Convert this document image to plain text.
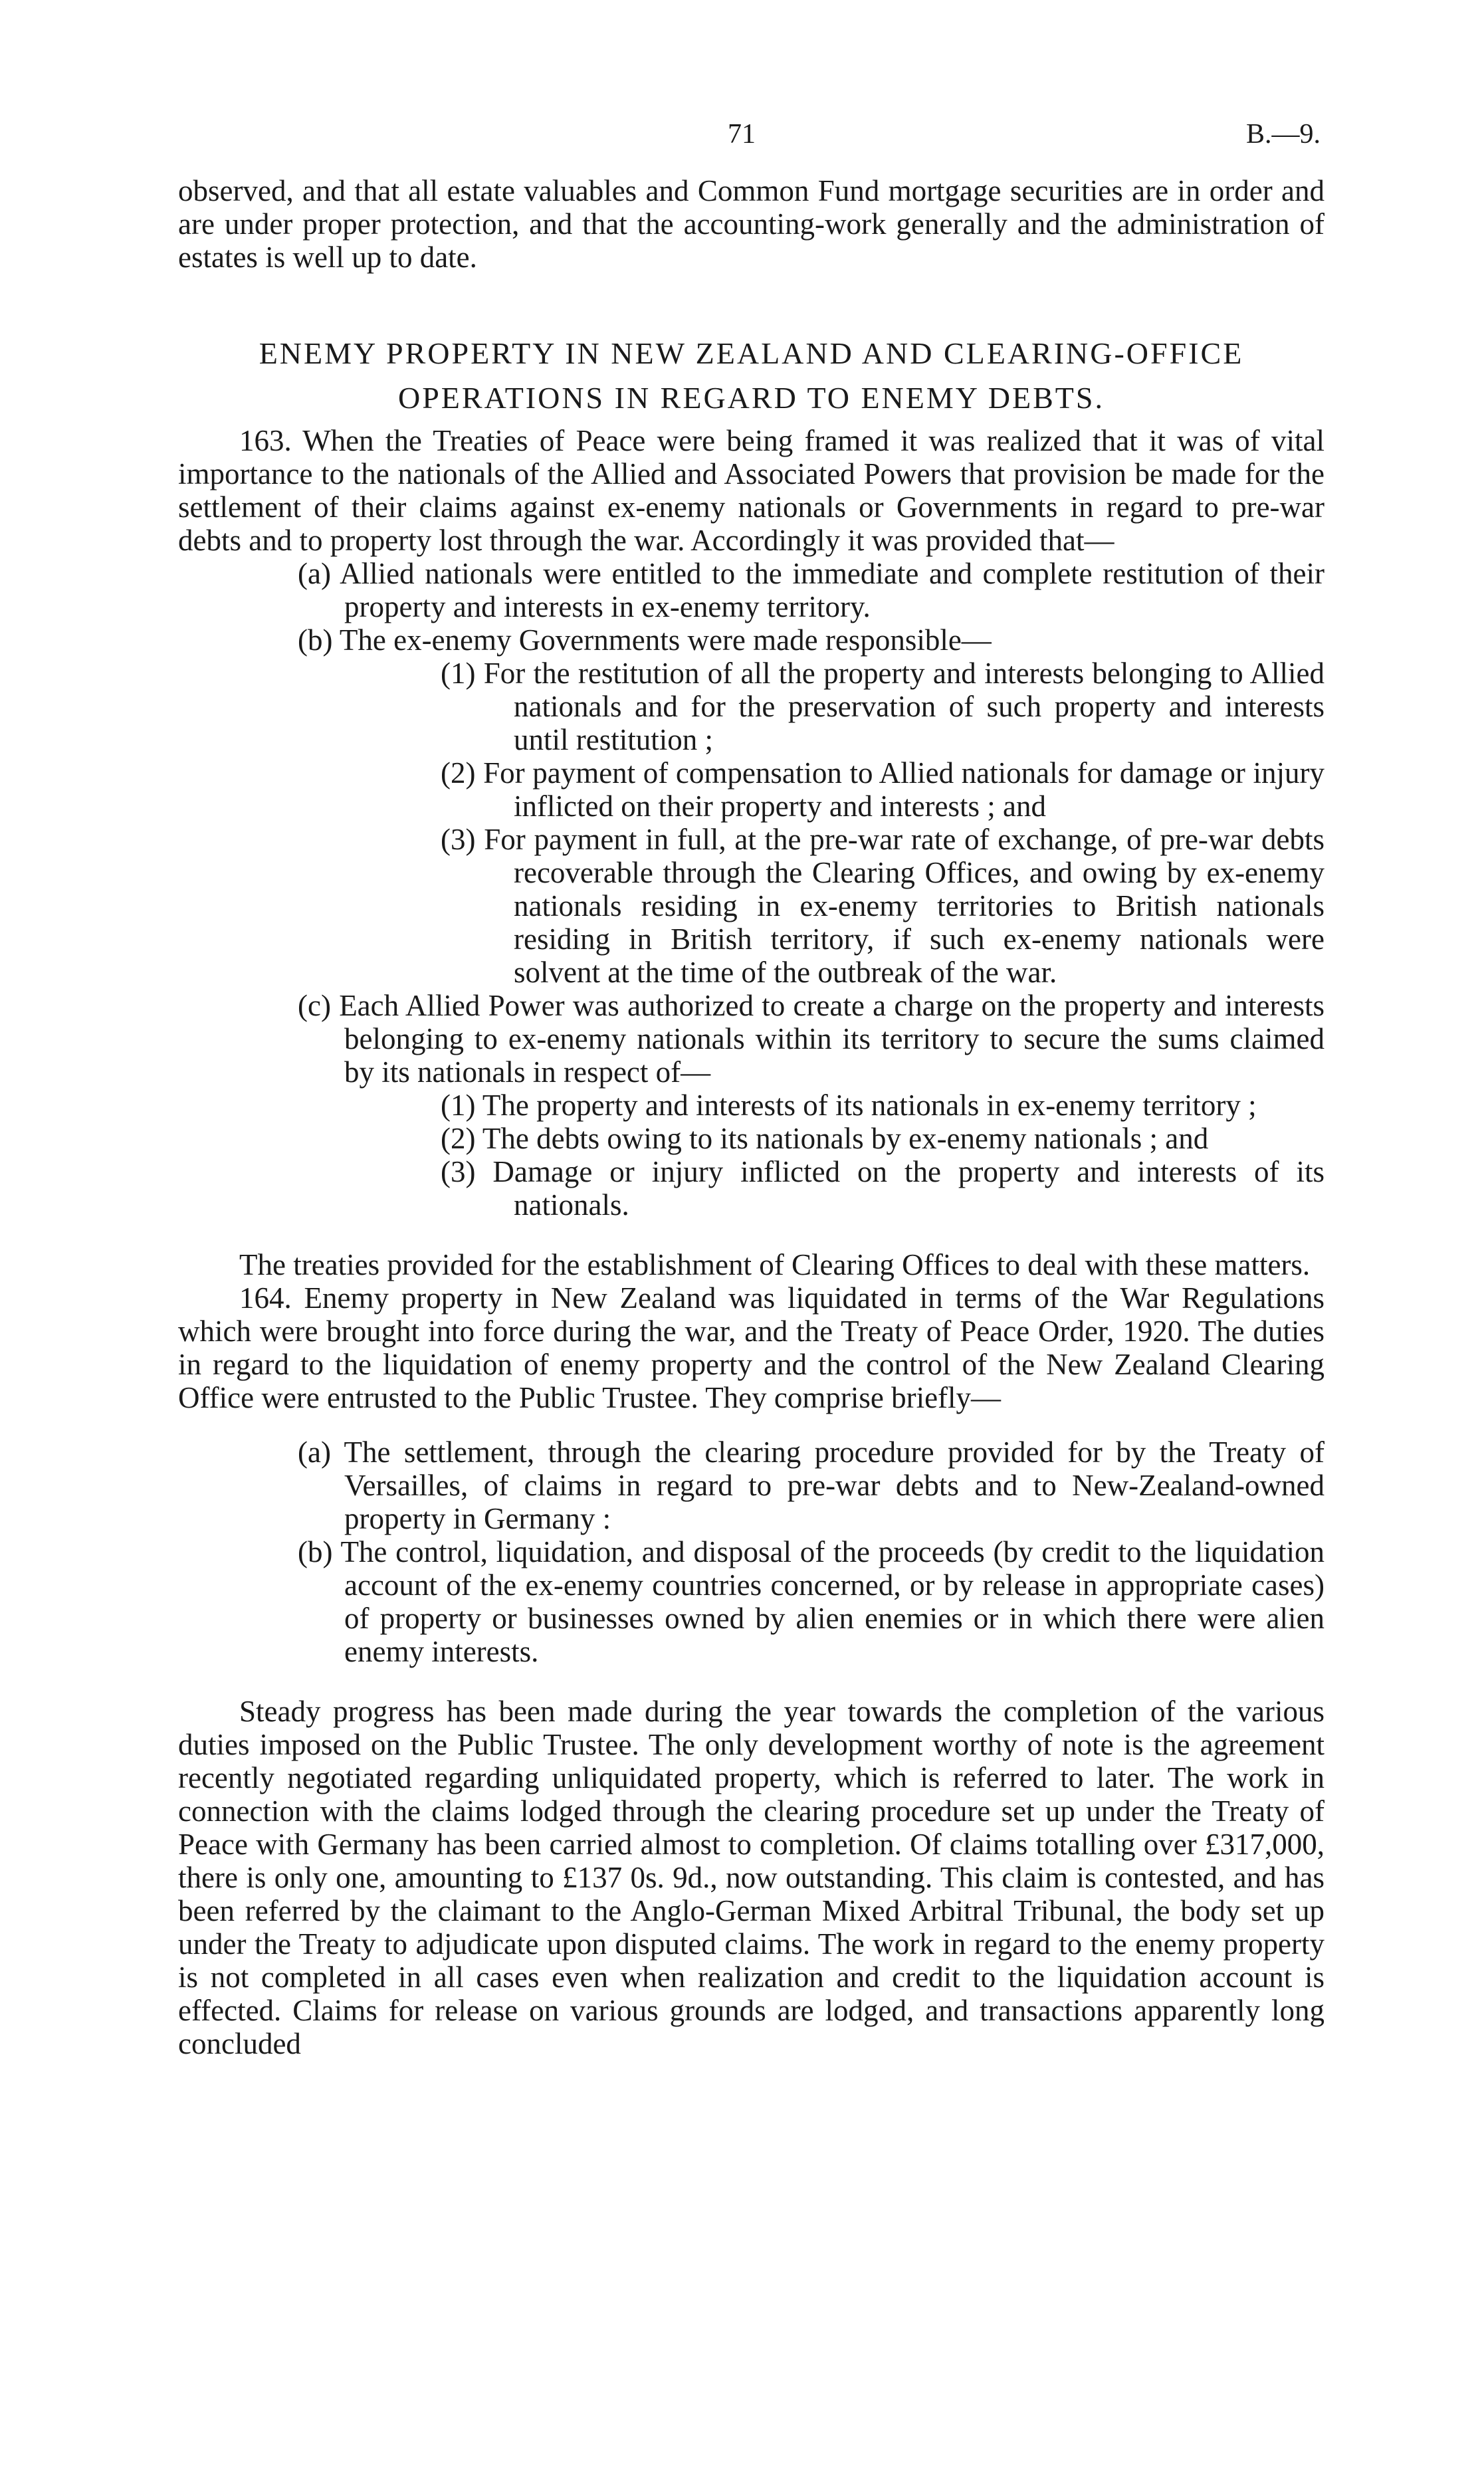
71	B.—9.

observed, and that all estate valuables and Common Fund mortgage securities are in order and are under proper protection, and that the accounting-work generally and the administration of estates is well up to date.

ENEMY PROPERTY IN NEW ZEALAND AND CLEARING-OFFICE

OPERATIONS IN REGARD TO ENEMY DEBTS.

163. When the Treaties of Peace were being framed it was realized that it was of vital importance to the nationals of the Allied and Associated Powers that provision be made for the settlement of their claims against ex-enemy nationals or Governments in regard to pre-war debts and to property lost through the war. Accordingly it was provided that—

(a) Allied nationals were entitled to the immediate and complete restitution of their property and interests in ex-enemy territory.

(b) The ex-enemy Governments were made responsible—

(1) For the restitution of all the property and interests belonging to Allied nationals and for the preservation of such property and interests until restitution ;

(2) For payment of compensation to Allied nationals for damage or injury inflicted on their property and interests ; and

(3) For payment in full, at the pre-war rate of exchange, of pre-war debts recoverable through the Clearing Offices, and owing by ex-enemy nationals residing in ex-enemy territories to British nationals residing in British territory, if such ex-enemy nationals were solvent at the time of the outbreak of the war.

(c) Each Allied Power was authorized to create a charge on the property and interests belonging to ex-enemy nationals within its territory to secure the sums claimed by its nationals in respect of—

(1) The property and interests of its nationals in ex-enemy territory ;

(2) The debts owing to its nationals by ex-enemy nationals ; and

(3) Damage or injury inflicted on the property and interests of its nationals.

The treaties provided for the establishment of Clearing Offices to deal with these matters.

164. Enemy property in New Zealand was liquidated in terms of the War Regulations which were brought into force during the war, and the Treaty of Peace Order, 1920. The duties in regard to the liquidation of enemy property and the control of the New Zealand Clearing Office were entrusted to the Public Trustee. They comprise briefly—

(a) The settlement, through the clearing procedure provided for by the Treaty of Versailles, of claims in regard to pre-war debts and to New-Zealand-owned property in Germany :

(b) The control, liquidation, and disposal of the proceeds (by credit to the liquidation account of the ex-enemy countries concerned, or by release in appropriate cases) of property or businesses owned by alien enemies or in which there were alien enemy interests.

Steady progress has been made during the year towards the completion of the various duties imposed on the Public Trustee. The only development worthy of note is the agreement recently negotiated regarding unliquidated property, which is referred to later. The work in connection with the claims lodged through the clearing procedure set up under the Treaty of Peace with Germany has been carried almost to completion. Of claims totalling over £317,000, there is only one, amounting to £137 0s. 9d., now outstanding. This claim is contested, and has been referred by the claimant to the Anglo-German Mixed Arbitral Tribunal, the body set up under the Treaty to adjudicate upon disputed claims. The work in regard to the enemy property is not completed in all cases even when realization and credit to the liquidation account is effected. Claims for release on various grounds are lodged, and transactions apparently long concluded
